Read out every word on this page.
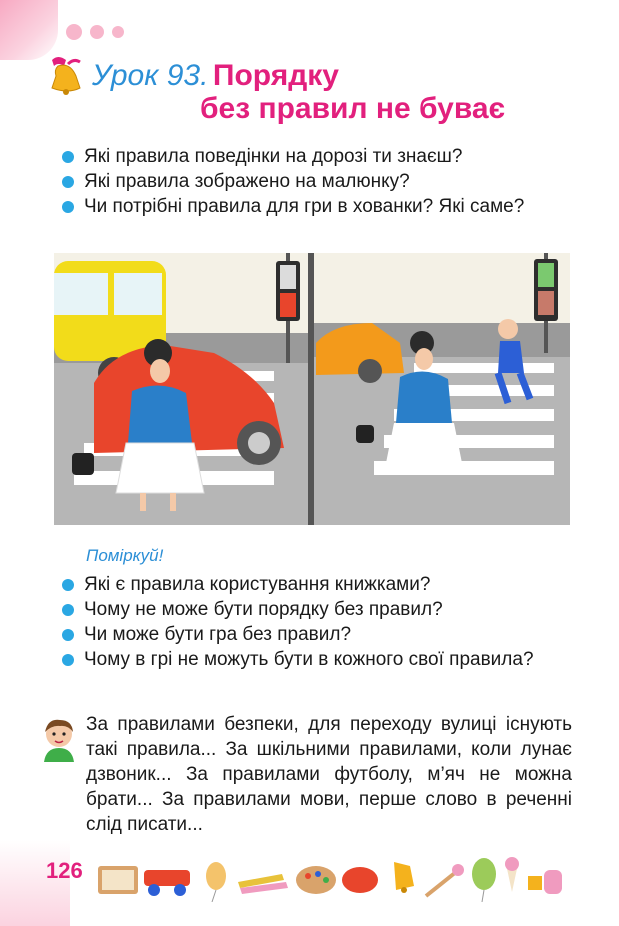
Урок 93. Порядку
без правил не буває
Які правила поведінки на дорозі ти знаєш?
Які правила зображено на малюнку?
Чи потрібні правила для гри в хованки? Які саме?
Поміркуй!
Які є правила користування книжками?
Чому не може бути порядку без правил?
Чи може бути гра без правил?
Чому в грі не можуть бути в кожного свої правила?
За правилами безпеки, для переходу вулиці існують такі правила... За шкільними правилами, коли лунає дзвоник... За правилами футболу, м’яч не можна брати... За правилами мови, перше слово в реченні слід писати...
126
